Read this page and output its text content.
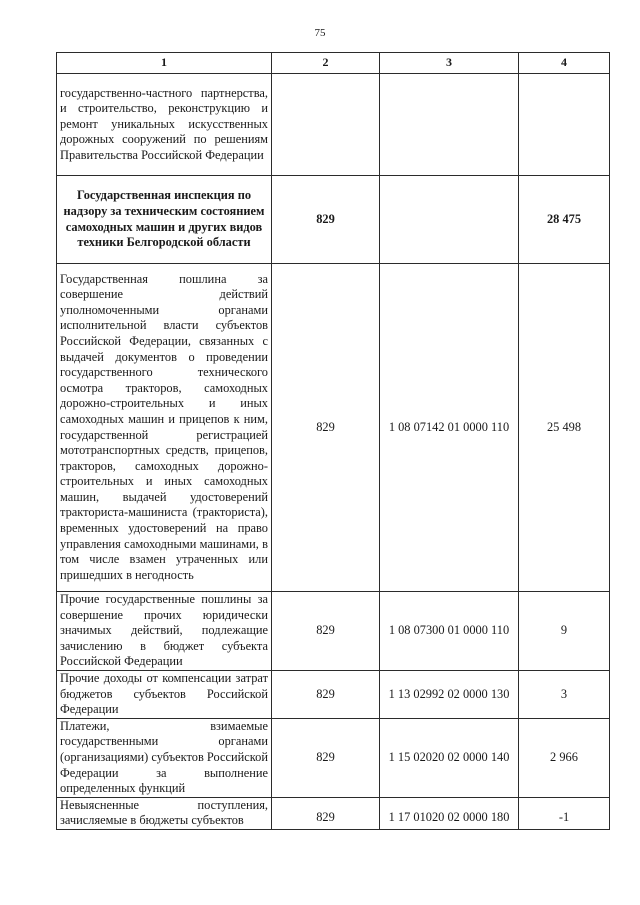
75
1	2	3	4
государственно-частного партнерства, и строительство, реконструкцию и ремонт уникальных искусственных дорожных сооружений по решениям Правительства Российской Федерации			
Государственная инспекция по надзору за техническим состоянием самоходных машин и других видов техники Белгородской области	829		28 475
Государственная пошлина за совершение действий уполномоченными органами исполнительной власти субъектов Российской Федерации, связанных с выдачей документов о проведении государственного технического осмотра тракторов, самоходных дорожно-строительных и иных самоходных машин и прицепов к ним, государственной регистрацией мототранспортных средств, прицепов, тракторов, самоходных дорожно-строительных и иных самоходных машин, выдачей удостоверений тракториста-машиниста (тракториста), временных удостоверений на право управления самоходными машинами, в том числе взамен утраченных или пришедших в негодность	829	1 08 07142 01 0000 110	25 498
Прочие государственные пошлины за совершение прочих юридически значимых действий, подлежащие зачислению в бюджет субъекта Российской Федерации	829	1 08 07300 01 0000 110	9
Прочие доходы от компенсации затрат бюджетов субъектов Российской Федерации	829	1 13 02992 02 0000 130	3
Платежи, взимаемые государственными органами (организациями) субъектов Российской Федерации за выполнение определенных функций	829	1 15 02020 02 0000 140	2 966
Невыясненные поступления, зачисляемые в бюджеты субъектов	829	1 17 01020 02 0000 180	-1
